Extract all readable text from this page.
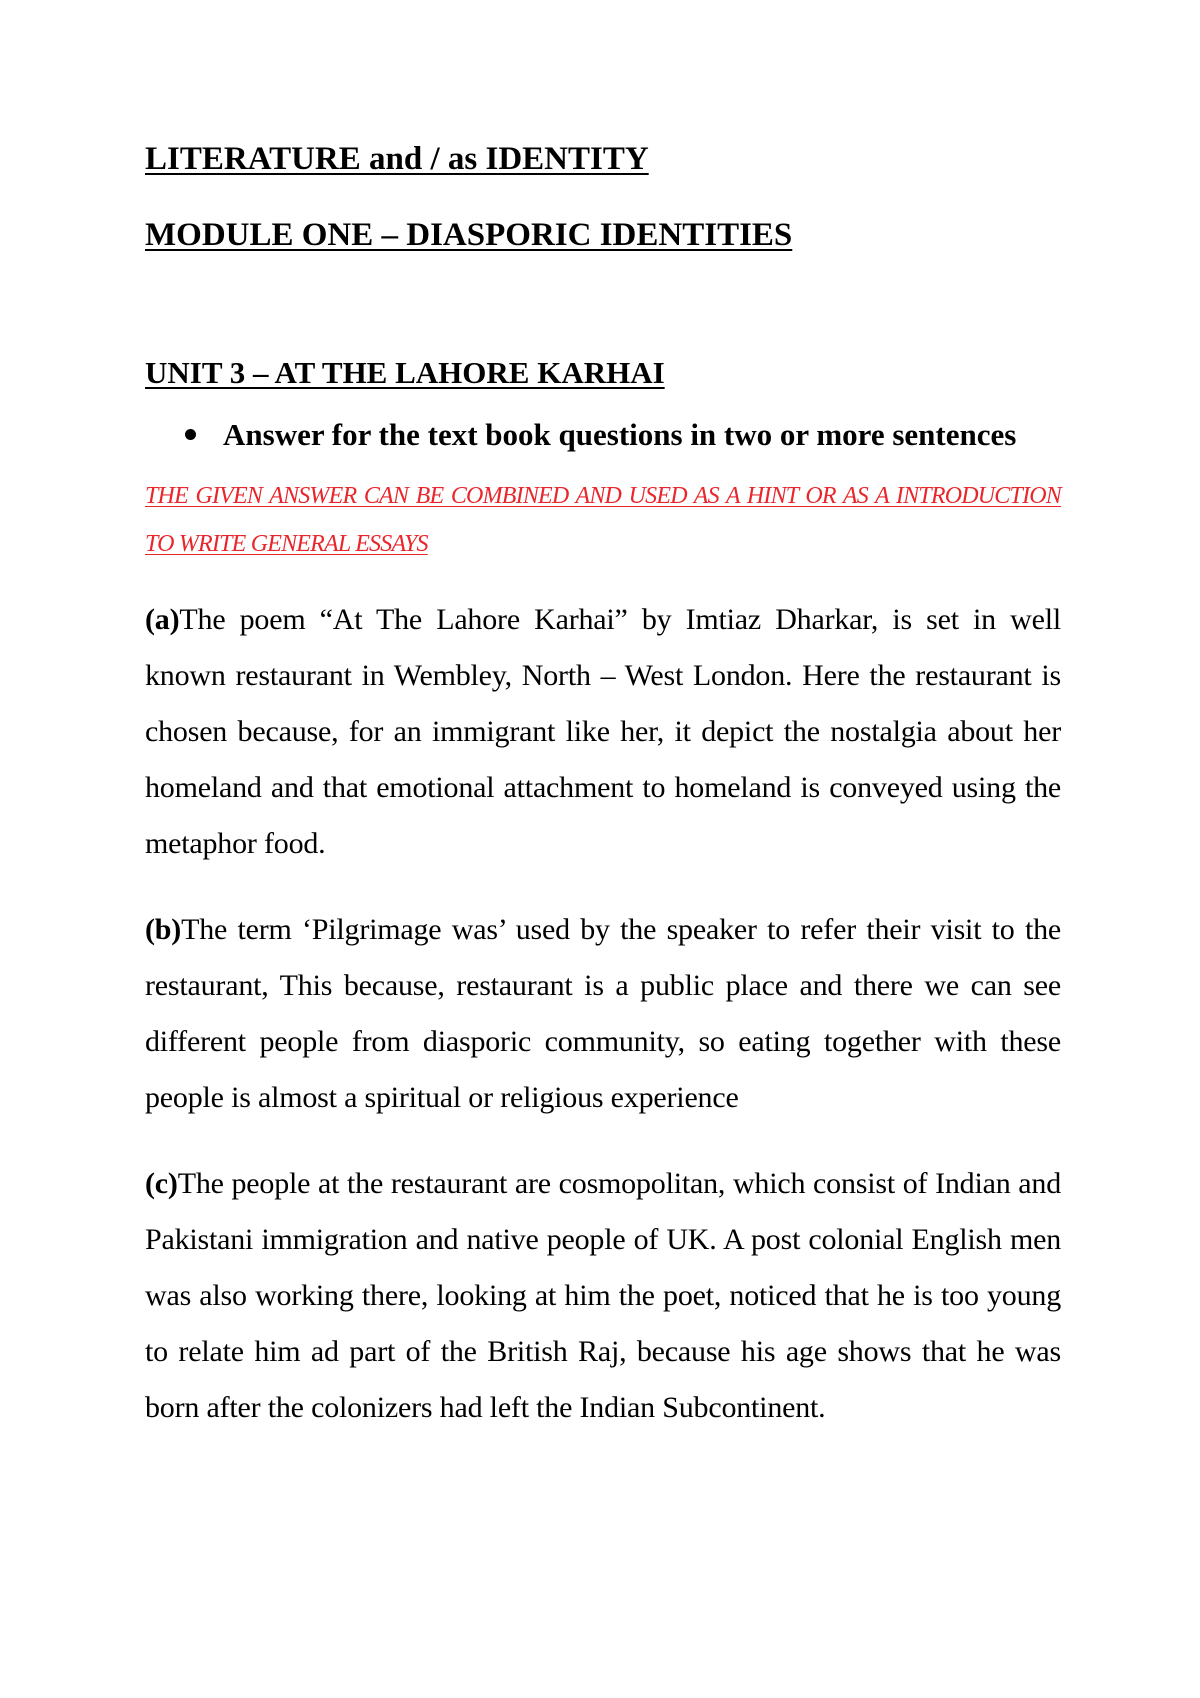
LITERATURE and / as IDENTITY
MODULE ONE – DIASPORIC IDENTITIES
UNIT 3 – AT THE LAHORE KARHAI
Answer for the text book questions in two or more sentences
THE GIVEN ANSWER CAN BE COMBINED AND USED AS A HINT OR AS A INTRODUCTION TO WRITE GENERAL ESSAYS

(a)The poem “At The Lahore Karhai” by Imtiaz Dharkar, is set in well known restaurant in Wembley, North – West London. Here the restaurant is chosen because, for an immigrant like her, it depict the nostalgia about her homeland and that emotional attachment to homeland is conveyed using the metaphor food.

(b)The term ‘Pilgrimage was’ used by the speaker to refer their visit to the restaurant, This because, restaurant is a public place and there we can see different people from diasporic community, so eating together with these people is almost a spiritual or religious experience

(c)The people at the restaurant are cosmopolitan, which consist of Indian and Pakistani immigration and native people of UK. A post colonial English men was also working there, looking at him the poet, noticed that he is too young to relate him ad part of the British Raj, because his age shows that he was born after the colonizers had left the Indian Subcontinent.
